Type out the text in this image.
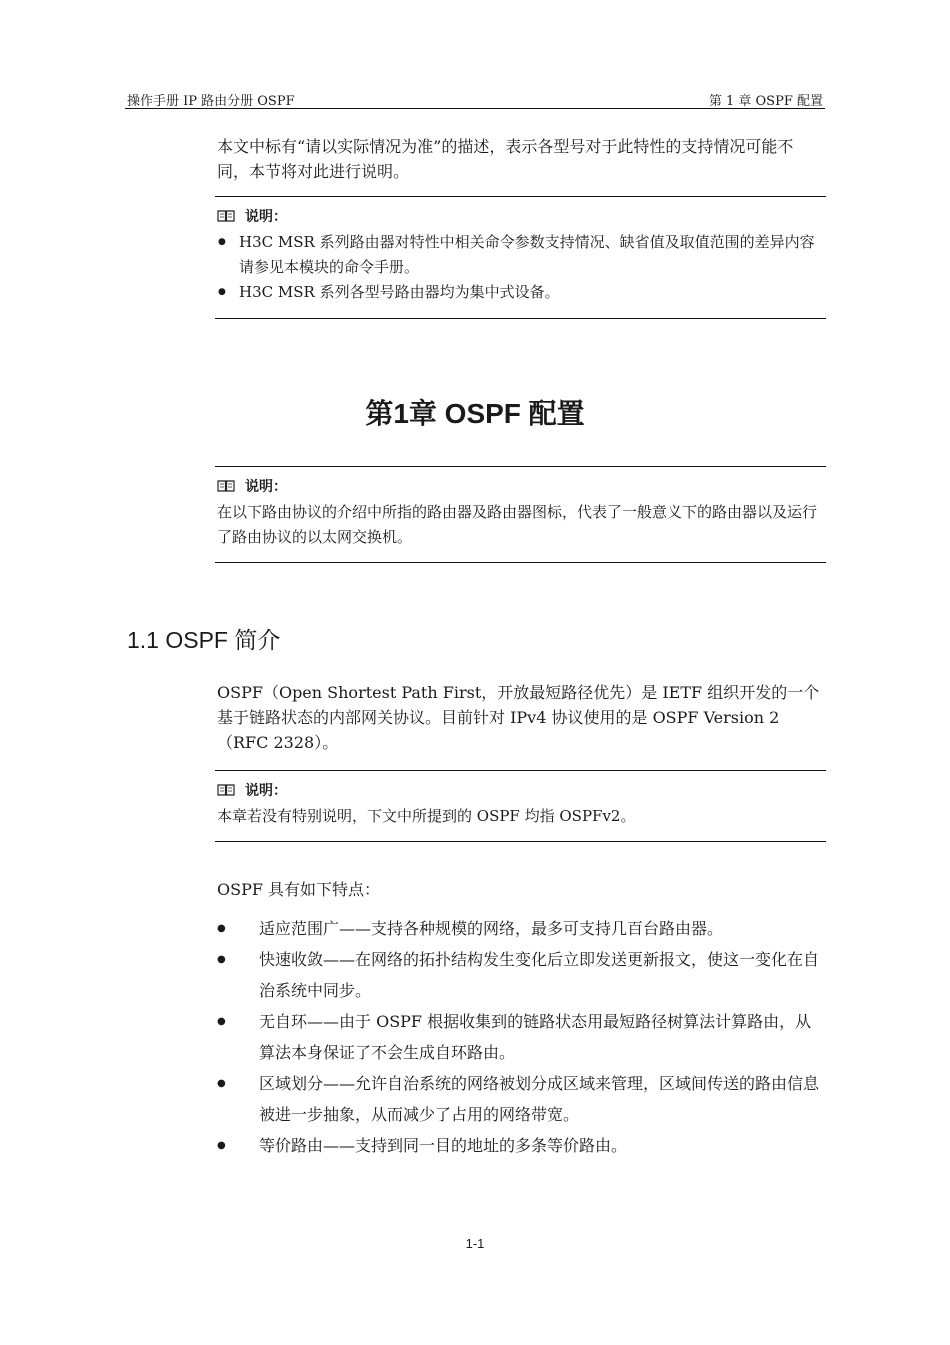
操作手册 IP 路由分册 OSPF	第 1 章 OSPF 配置
本文中标有“请以实际情况为准”的描述，表示各型号对于此特性的支持情况可能不同，本节将对此进行说明。
说明：
● H3C MSR 系列路由器对特性中相关命令参数支持情况、缺省值及取值范围的差异内容请参见本模块的命令手册。
● H3C MSR 系列各型号路由器均为集中式设备。
第1章 OSPF 配置
说明：
在以下路由协议的介绍中所指的路由器及路由器图标，代表了一般意义下的路由器以及运行了路由协议的以太网交换机。
1.1 OSPF 简介
OSPF（Open Shortest Path First，开放最短路径优先）是 IETF 组织开发的一个基于链路状态的内部网关协议。目前针对 IPv4 协议使用的是 OSPF Version 2（RFC 2328）。
说明：
本章若没有特别说明，下文中所提到的 OSPF 均指 OSPFv2。
OSPF 具有如下特点：
● 适应范围广——支持各种规模的网络，最多可支持几百台路由器。
● 快速收敛——在网络的拓扑结构发生变化后立即发送更新报文，使这一变化在自治系统中同步。
● 无自环——由于 OSPF 根据收集到的链路状态用最短路径树算法计算路由，从算法本身保证了不会生成自环路由。
● 区域划分——允许自治系统的网络被划分成区域来管理，区域间传送的路由信息被进一步抽象，从而减少了占用的网络带宽。
● 等价路由——支持到同一目的地址的多条等价路由。
1-1
